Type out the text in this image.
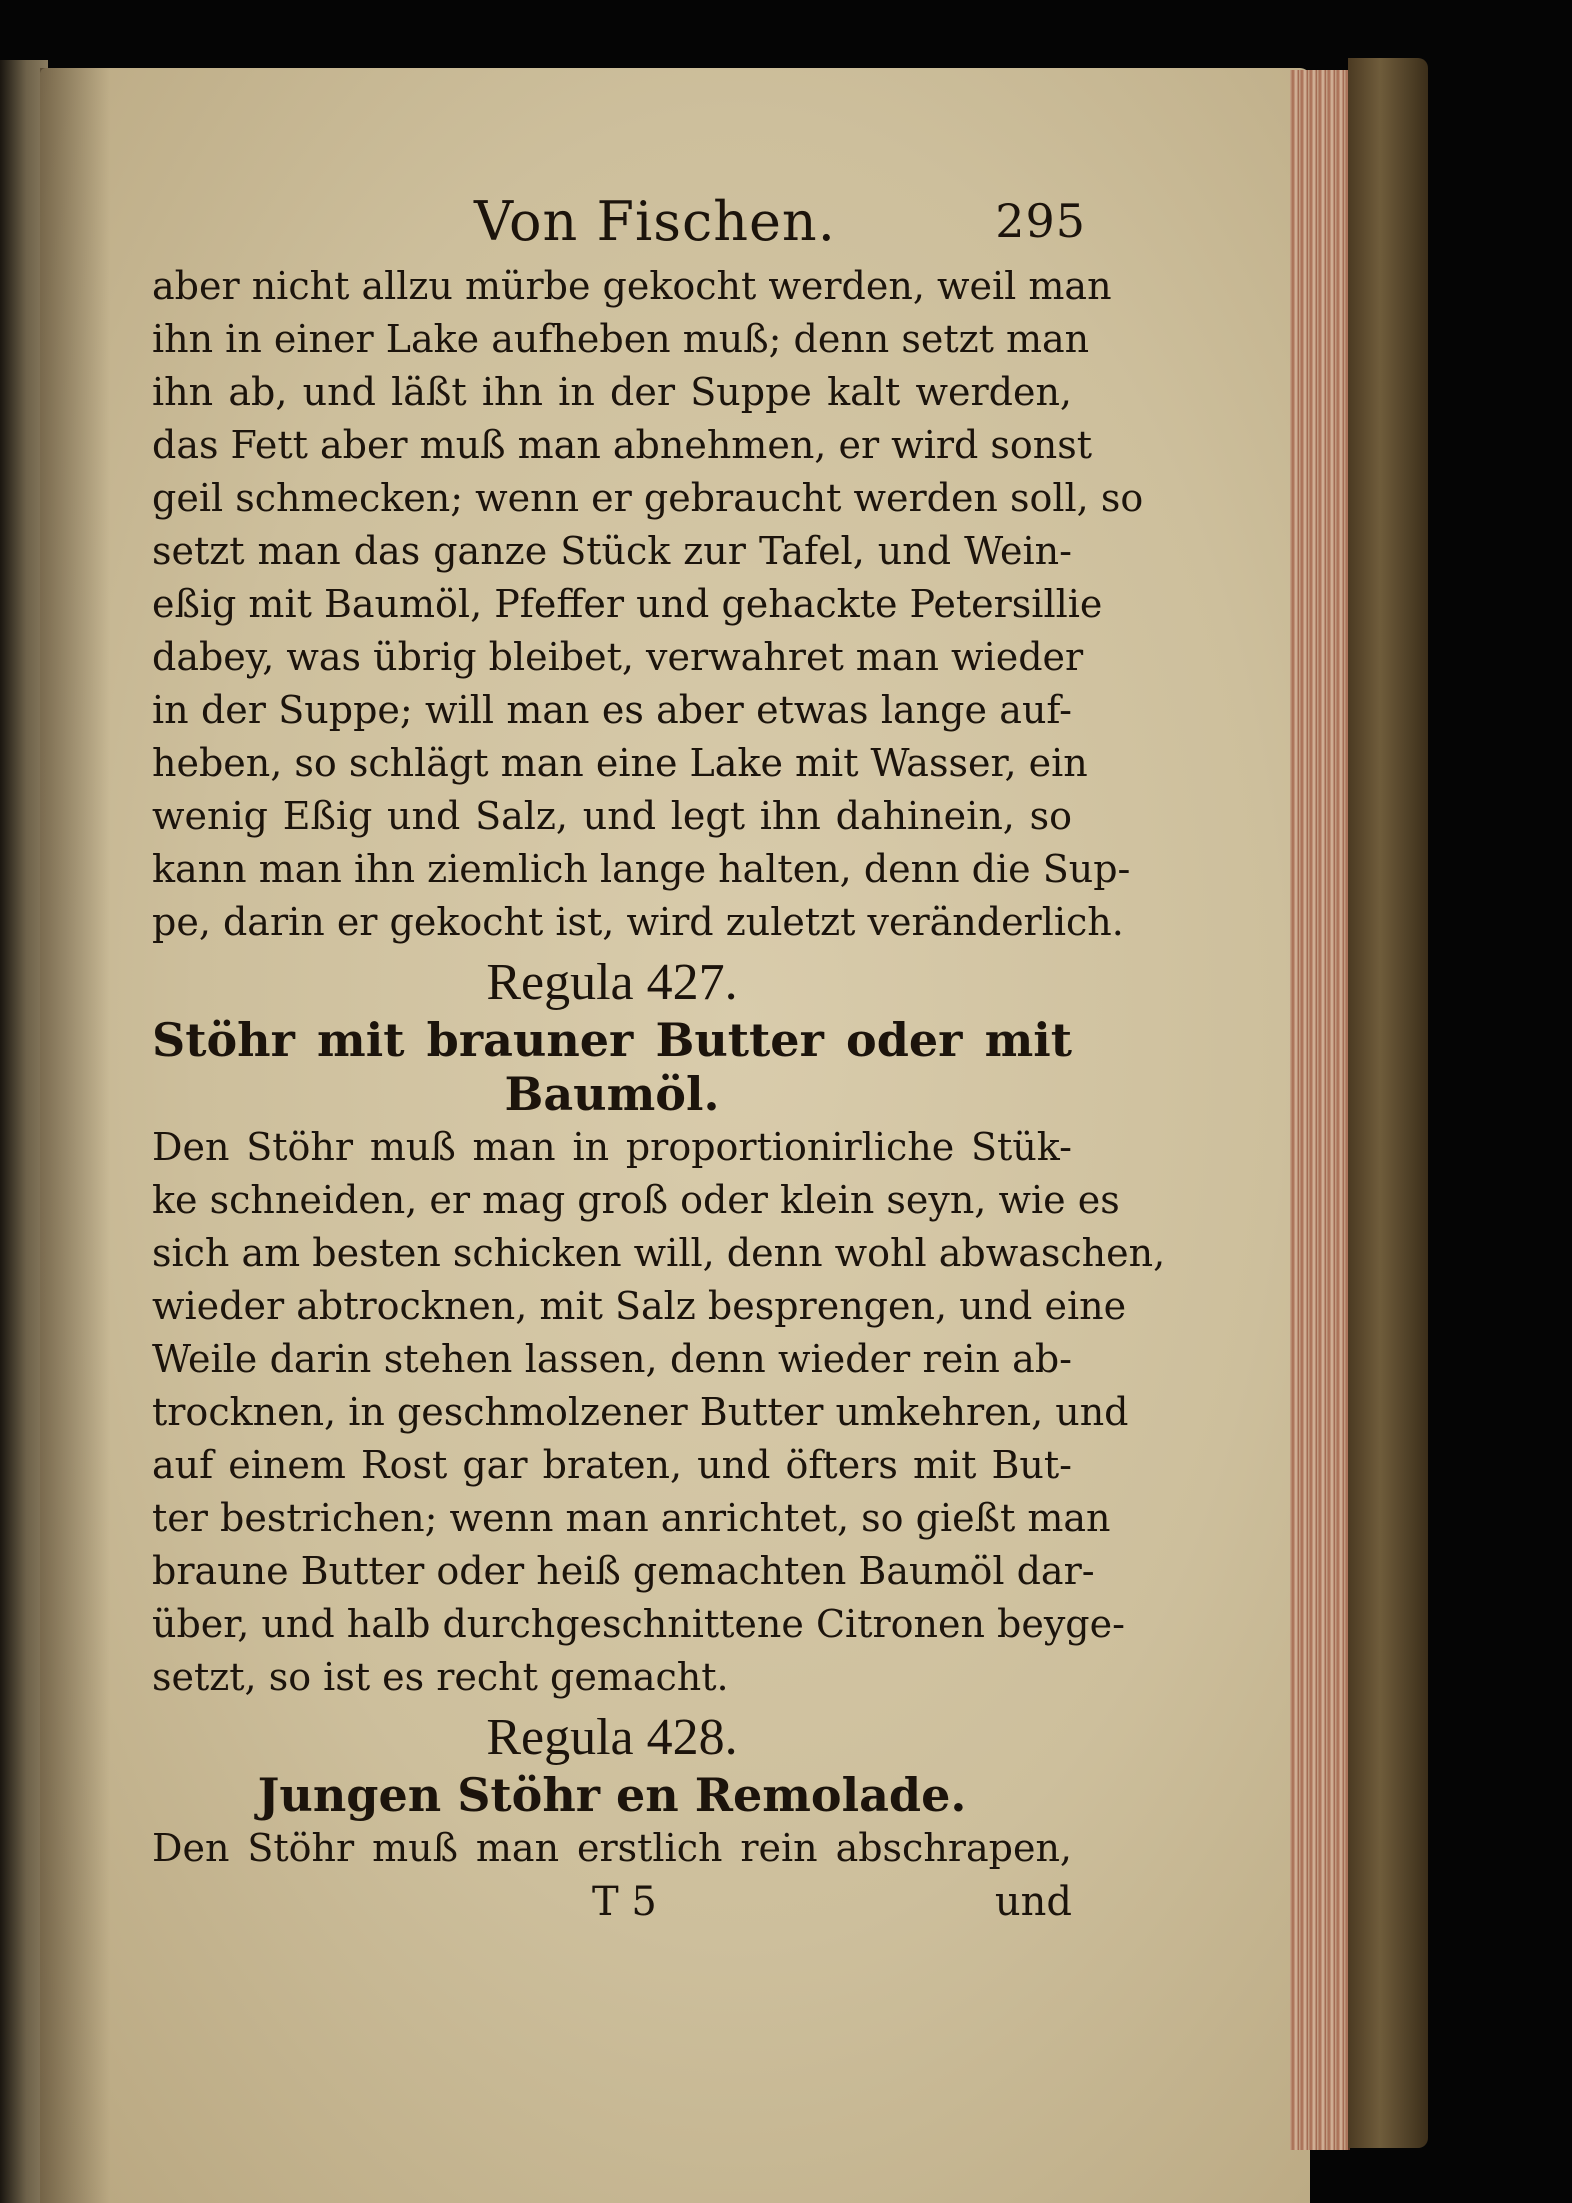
Von Fischen.	295
aber nicht allzu mürbe gekocht werden, weil man
ihn in einer Lake aufheben muß; denn setzt man
ihn ab, und läßt ihn in der Suppe kalt werden,
das Fett aber muß man abnehmen, er wird sonst
geil schmecken; wenn er gebraucht werden soll, so
setzt man das ganze Stück zur Tafel, und Wein-
eßig mit Baumöl, Pfeffer und gehackte Petersillie
dabey, was übrig bleibet, verwahret man wieder
in der Suppe; will man es aber etwas lange auf-
heben, so schlägt man eine Lake mit Wasser, ein
wenig Eßig und Salz, und legt ihn dahinein, so
kann man ihn ziemlich lange halten, denn die Sup-
pe, darin er gekocht ist, wird zuletzt veränderlich.
Regula 427.
Stöhr mit brauner Butter oder mit
Baumöl.
Den Stöhr muß man in proportionirliche Stük-
ke schneiden, er mag groß oder klein seyn, wie es
sich am besten schicken will, denn wohl abwaschen,
wieder abtrocknen, mit Salz besprengen, und eine
Weile darin stehen lassen, denn wieder rein ab-
trocknen, in geschmolzener Butter umkehren, und
auf einem Rost gar braten, und öfters mit But-
ter bestrichen; wenn man anrichtet, so gießt man
braune Butter oder heiß gemachten Baumöl dar-
über, und halb durchgeschnittene Citronen beyge-
setzt, so ist es recht gemacht.
Regula 428.
Jungen Stöhr en Remolade.
Den Stöhr muß man erstlich rein abschrapen,
T 5	und
